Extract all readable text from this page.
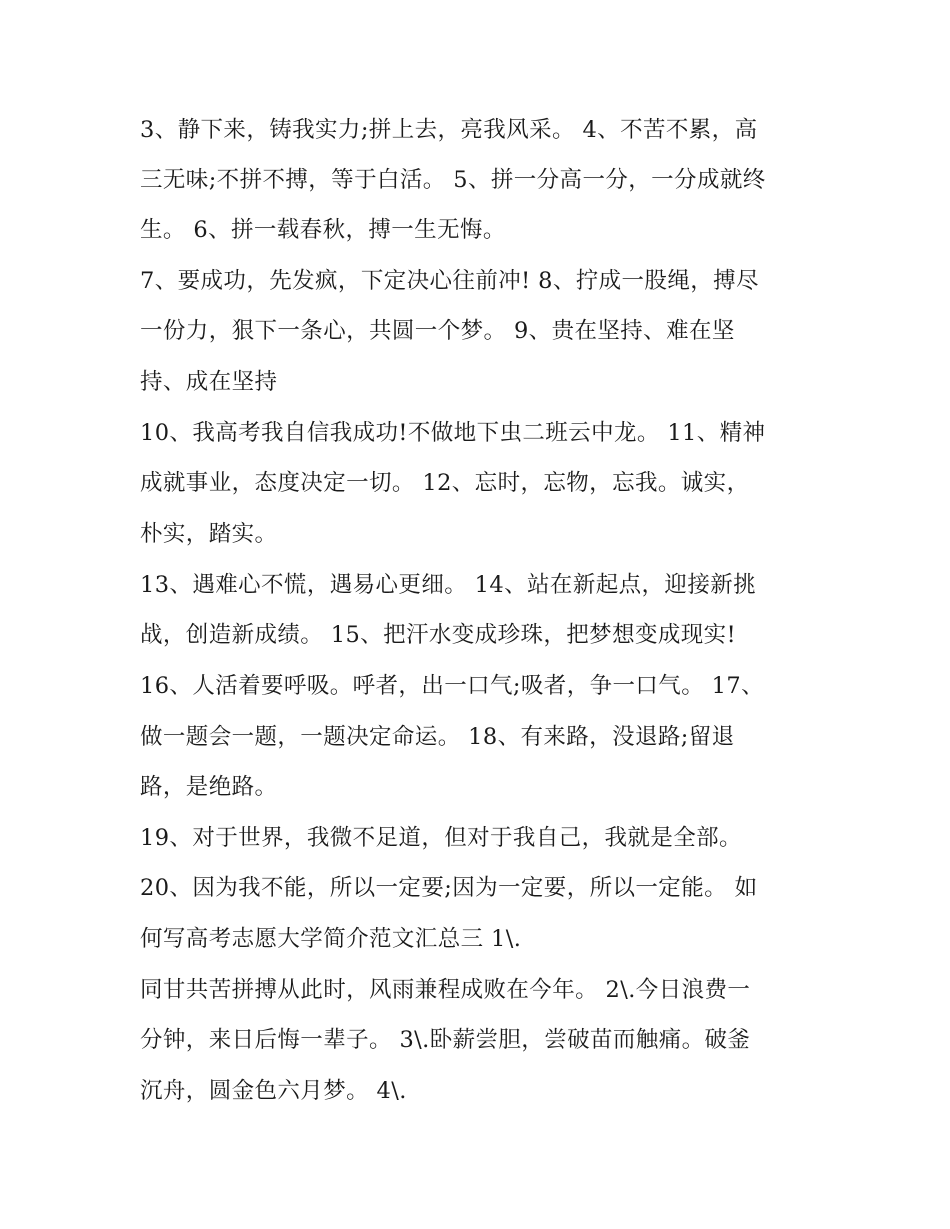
3、静下来，铸我实力;拼上去，亮我风采。 4、不苦不累，高

三无味;不拼不搏，等于白活。 5、拼一分高一分，一分成就终

生。 6、拼一载春秋，搏一生无悔。

7、要成功，先发疯，下定决心往前冲! 8、拧成一股绳，搏尽

一份力，狠下一条心，共圆一个梦。 9、贵在坚持、难在坚

持、成在坚持

10、我高考我自信我成功!不做地下虫二班云中龙。 11、精神

成就事业，态度决定一切。 12、忘时，忘物，忘我。诚实，

朴实，踏实。

13、遇难心不慌，遇易心更细。 14、站在新起点，迎接新挑

战，创造新成绩。 15、把汗水变成珍珠，把梦想变成现实!

16、人活着要呼吸。呼者，出一口气;吸者，争一口气。 17、

做一题会一题，一题决定命运。 18、有来路，没退路;留退

路，是绝路。

19、对于世界，我微不足道，但对于我自己，我就是全部。

20、因为我不能，所以一定要;因为一定要，所以一定能。 如

何写高考志愿大学简介范文汇总三 1\.

同甘共苦拼搏从此时，风雨兼程成败在今年。 2\.今日浪费一

分钟，来日后悔一辈子。 3\.卧薪尝胆，尝破苗而触痛。破釜

沉舟，圆金色六月梦。 4\.
